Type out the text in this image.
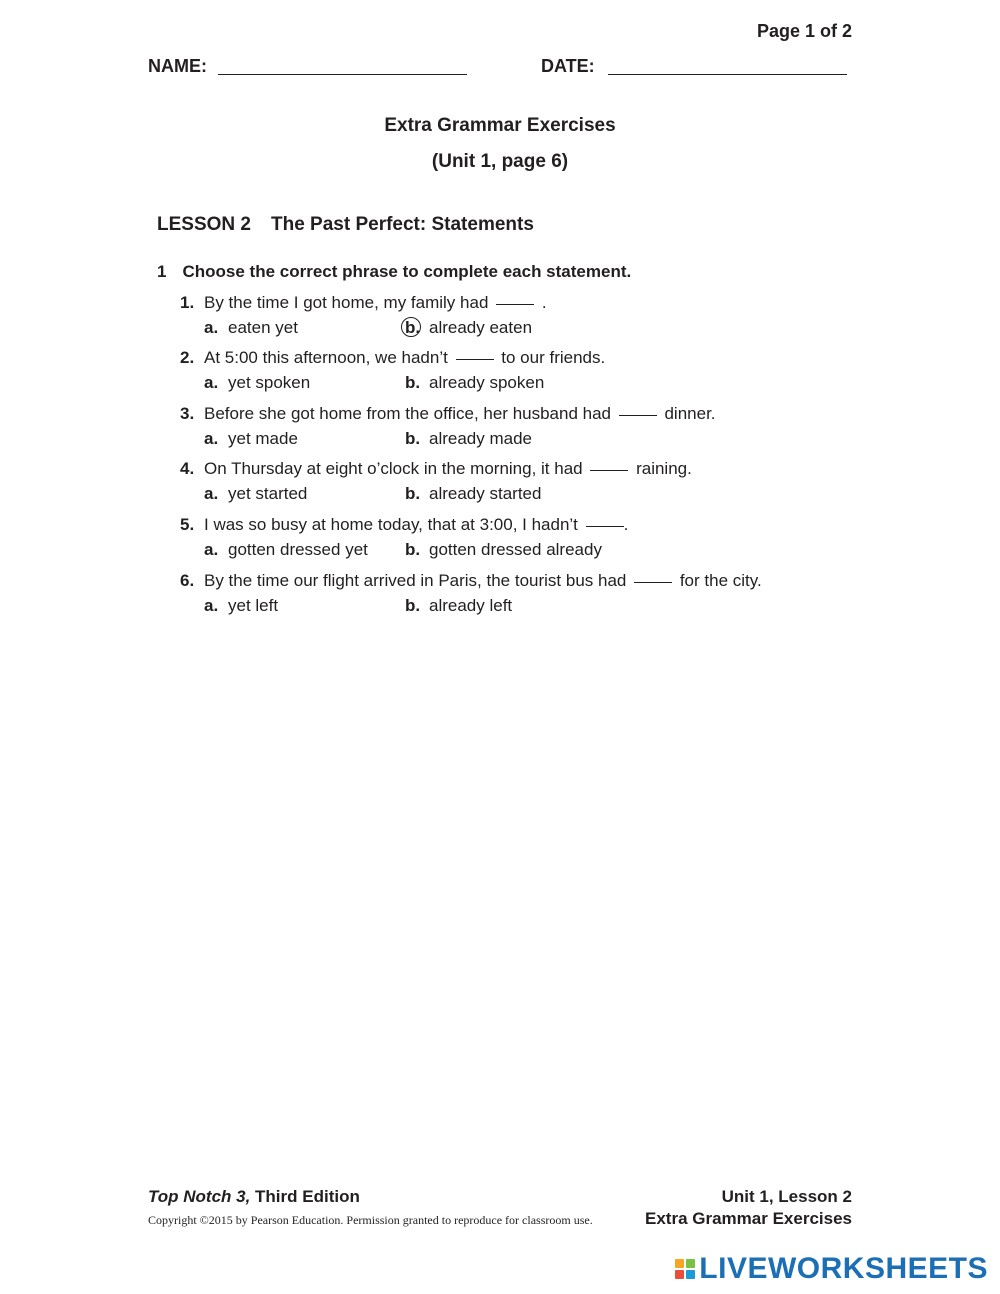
Page 1 of 2
NAME:	DATE:
Extra Grammar Exercises
(Unit 1, page 6)
LESSON 2 The Past Perfect: Statements
1 Choose the correct phrase to complete each statement.
1. By the time I got home, my family had	.
a. eaten yet	b. already eaten
2. At 5:00 this afternoon, we hadn’t	to our friends.
a. yet spoken	b. already spoken
3. Before she got home from the office, her husband had	dinner.
a. yet made	b. already made
4. On Thursday at eight o’clock in the morning, it had	raining.
a. yet started	b. already started
5. I was so busy at home today, that at 3:00, I hadn’t	.
a. gotten dressed yet b. gotten dressed already
6. By the time our flight arrived in Paris, the tourist bus had	for the city.
a. yet left	b. already left
Top Notch 3, Third Edition
Copyright ©2015 by Pearson Education. Permission granted to reproduce for classroom use.
Unit 1, Lesson 2
Extra Grammar Exercises
LIVEWORKSHEETS
